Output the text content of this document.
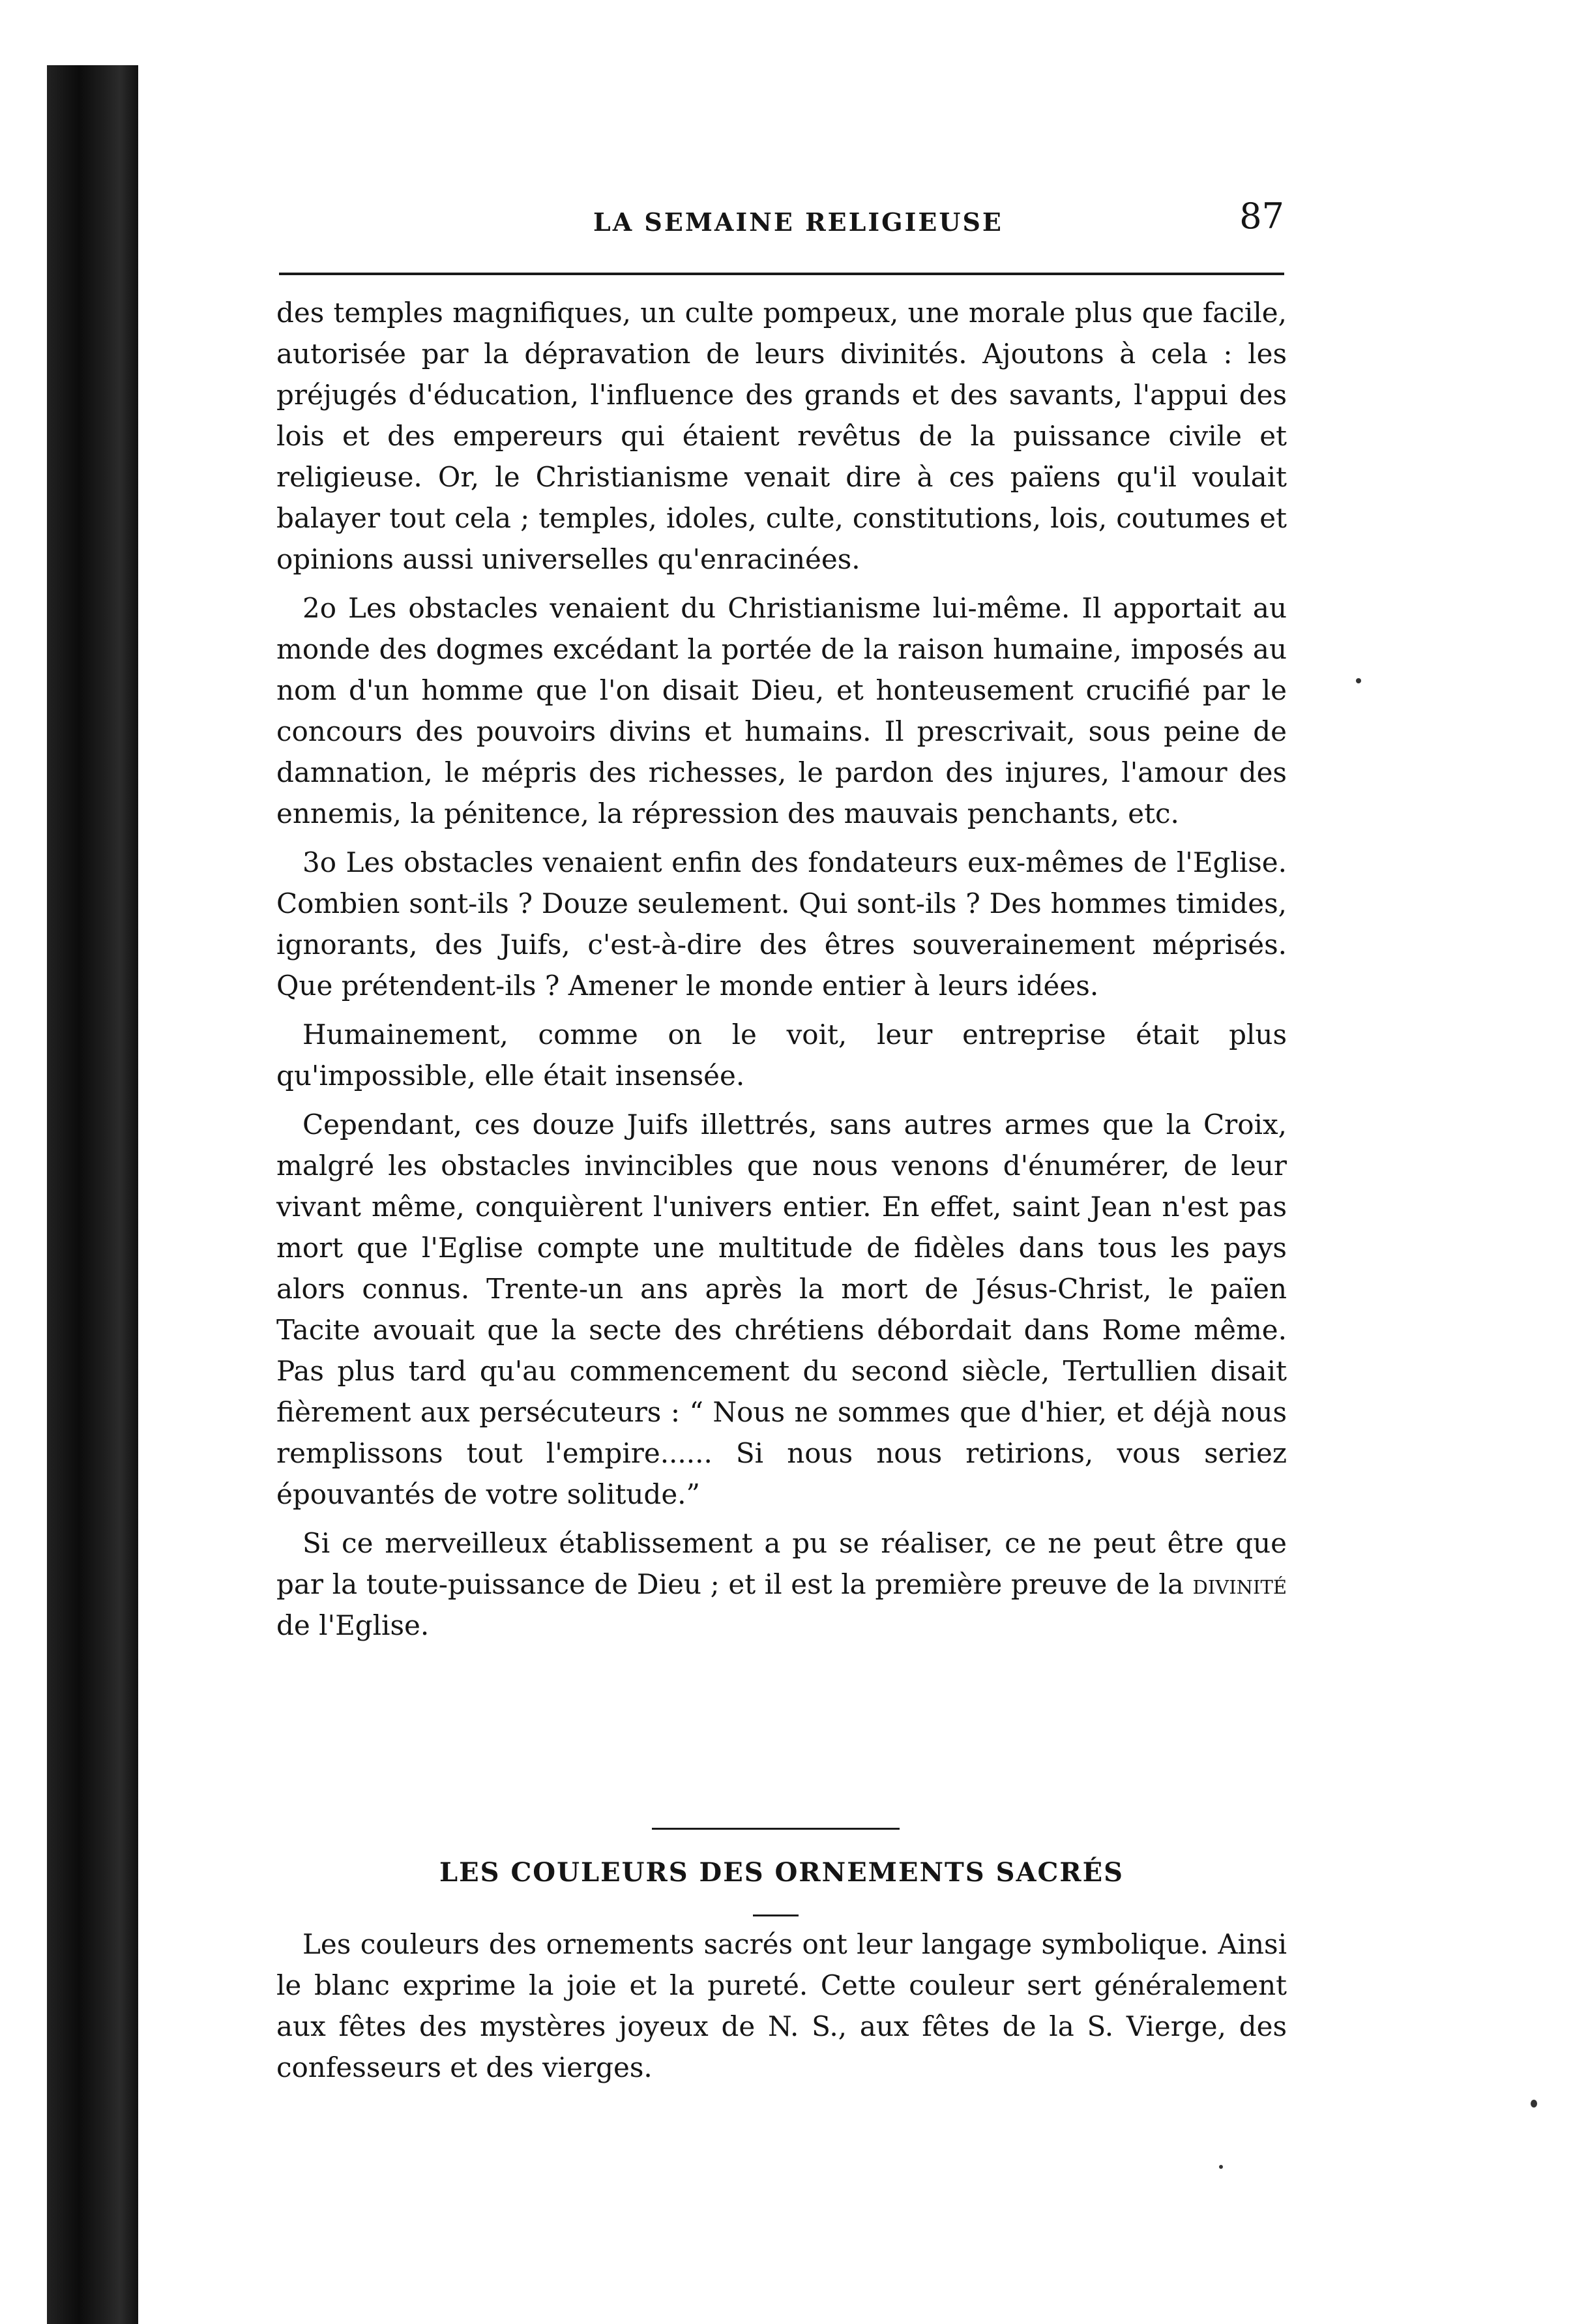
LA SEMAINE RELIGIEUSE	87

des temples magnifiques, un culte pompeux, une morale plus que facile, autorisée par la dépravation de leurs divinités. Ajoutons à cela : les préjugés d'éducation, l'influence des grands et des savants, l'appui des lois et des empereurs qui étaient revêtus de la puissance civile et religieuse. Or, le Christianisme venait dire à ces païens qu'il voulait balayer tout cela ; temples, idoles, culte, constitutions, lois, coutumes et opinions aussi universelles qu'enracinées.

2o Les obstacles venaient du Christianisme lui-même. Il apportait au monde des dogmes excédant la portée de la raison humaine, imposés au nom d'un homme que l'on disait Dieu, et honteusement crucifié par le concours des pouvoirs divins et humains. Il prescrivait, sous peine de damnation, le mépris des richesses, le pardon des injures, l'amour des ennemis, la pénitence, la répression des mauvais penchants, etc.

3o Les obstacles venaient enfin des fondateurs eux-mêmes de l'Eglise. Combien sont-ils ? Douze seulement. Qui sont-ils ? Des hommes timides, ignorants, des Juifs, c'est-à-dire des êtres souverainement méprisés. Que prétendent-ils ? Amener le monde entier à leurs idées.

Humainement, comme on le voit, leur entreprise était plus qu'impossible, elle était insensée.

Cependant, ces douze Juifs illettrés, sans autres armes que la Croix, malgré les obstacles invincibles que nous venons d'énumérer, de leur vivant même, conquièrent l'univers entier. En effet, saint Jean n'est pas mort que l'Eglise compte une multitude de fidèles dans tous les pays alors connus. Trente-un ans après la mort de Jésus-Christ, le païen Tacite avouait que la secte des chrétiens débordait dans Rome même. Pas plus tard qu'au commencement du second siècle, Tertullien disait fièrement aux persécuteurs : “ Nous ne sommes que d'hier, et déjà nous remplissons tout l'empire...... Si nous nous retirions, vous seriez épouvantés de votre solitude.”

Si ce merveilleux établissement a pu se réaliser, ce ne peut être que par la toute-puissance de Dieu ; et il est la première preuve de la divinité de l'Eglise.

LES COULEURS DES ORNEMENTS SACRÉS

Les couleurs des ornements sacrés ont leur langage symbolique. Ainsi le blanc exprime la joie et la pureté. Cette couleur sert généralement aux fêtes des mystères joyeux de N. S., aux fêtes de la S. Vierge, des confesseurs et des vierges.
